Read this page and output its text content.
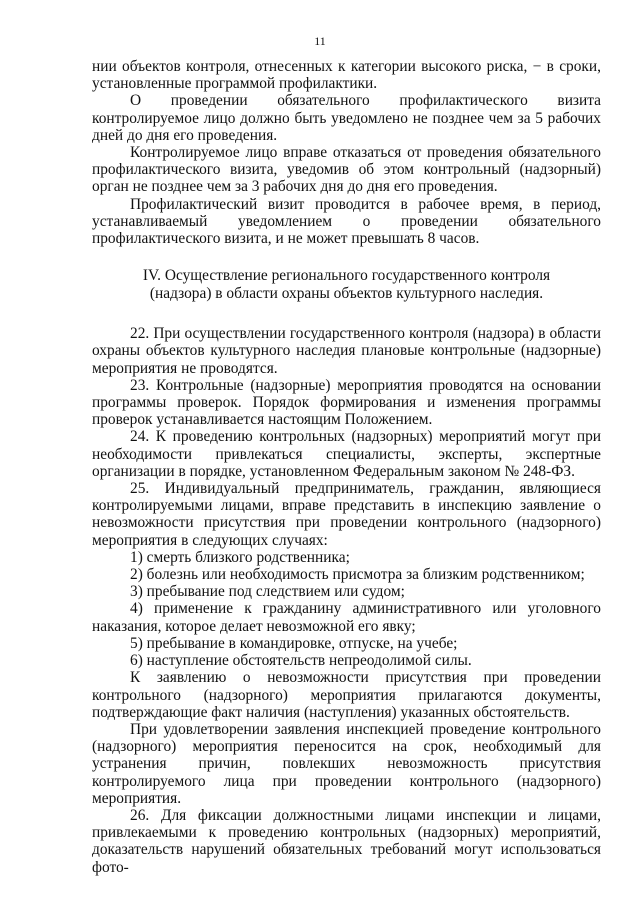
11

нии объектов контроля, отнесенных к категории высокого риска, − в сроки, установленные программой профилактики.

О проведении обязательного профилактического визита контролируемое лицо должно быть уведомлено не позднее чем за 5 рабочих дней до дня его проведения.

Контролируемое лицо вправе отказаться от проведения обязательного профилактического визита, уведомив об этом контрольный (надзорный) орган не позднее чем за 3 рабочих дня до дня его проведения.

Профилактический визит проводится в рабочее время, в период, устанавливаемый уведомлением о проведении обязательного профилактического визита, и не может превышать 8 часов.

IV. Осуществление регионального государственного контроля
(надзора) в области охраны объектов культурного наследия.

22. При осуществлении государственного контроля (надзора) в области охраны объектов культурного наследия плановые контрольные (надзорные) мероприятия не проводятся.

23. Контрольные (надзорные) мероприятия проводятся на основании программы проверок. Порядок формирования и изменения программы проверок устанавливается настоящим Положением.

24. К проведению контрольных (надзорных) мероприятий могут при необходимости привлекаться специалисты, эксперты, экспертные организации в порядке, установленном Федеральным законом № 248-ФЗ.

25. Индивидуальный предприниматель, гражданин, являющиеся контролируемыми лицами, вправе представить в инспекцию заявление о невозможности присутствия при проведении контрольного (надзорного) мероприятия в следующих случаях:

1) смерть близкого родственника;

2) болезнь или необходимость присмотра за близким родственником;

3) пребывание под следствием или судом;

4) применение к гражданину административного или уголовного наказания, которое делает невозможной его явку;

5) пребывание в командировке, отпуске, на учебе;

6) наступление обстоятельств непреодолимой силы.

К заявлению о невозможности присутствия при проведении контрольного (надзорного) мероприятия прилагаются документы, подтверждающие факт наличия (наступления) указанных обстоятельств.

При удовлетворении заявления инспекцией проведение контрольного (надзорного) мероприятия переносится на срок, необходимый для устранения причин, повлекших невозможность присутствия контролируемого лица при проведении контрольного (надзорного) мероприятия.

26. Для фиксации должностными лицами инспекции и лицами, привлекаемыми к проведению контрольных (надзорных) мероприятий, доказательств нарушений обязательных требований могут использоваться фото-
